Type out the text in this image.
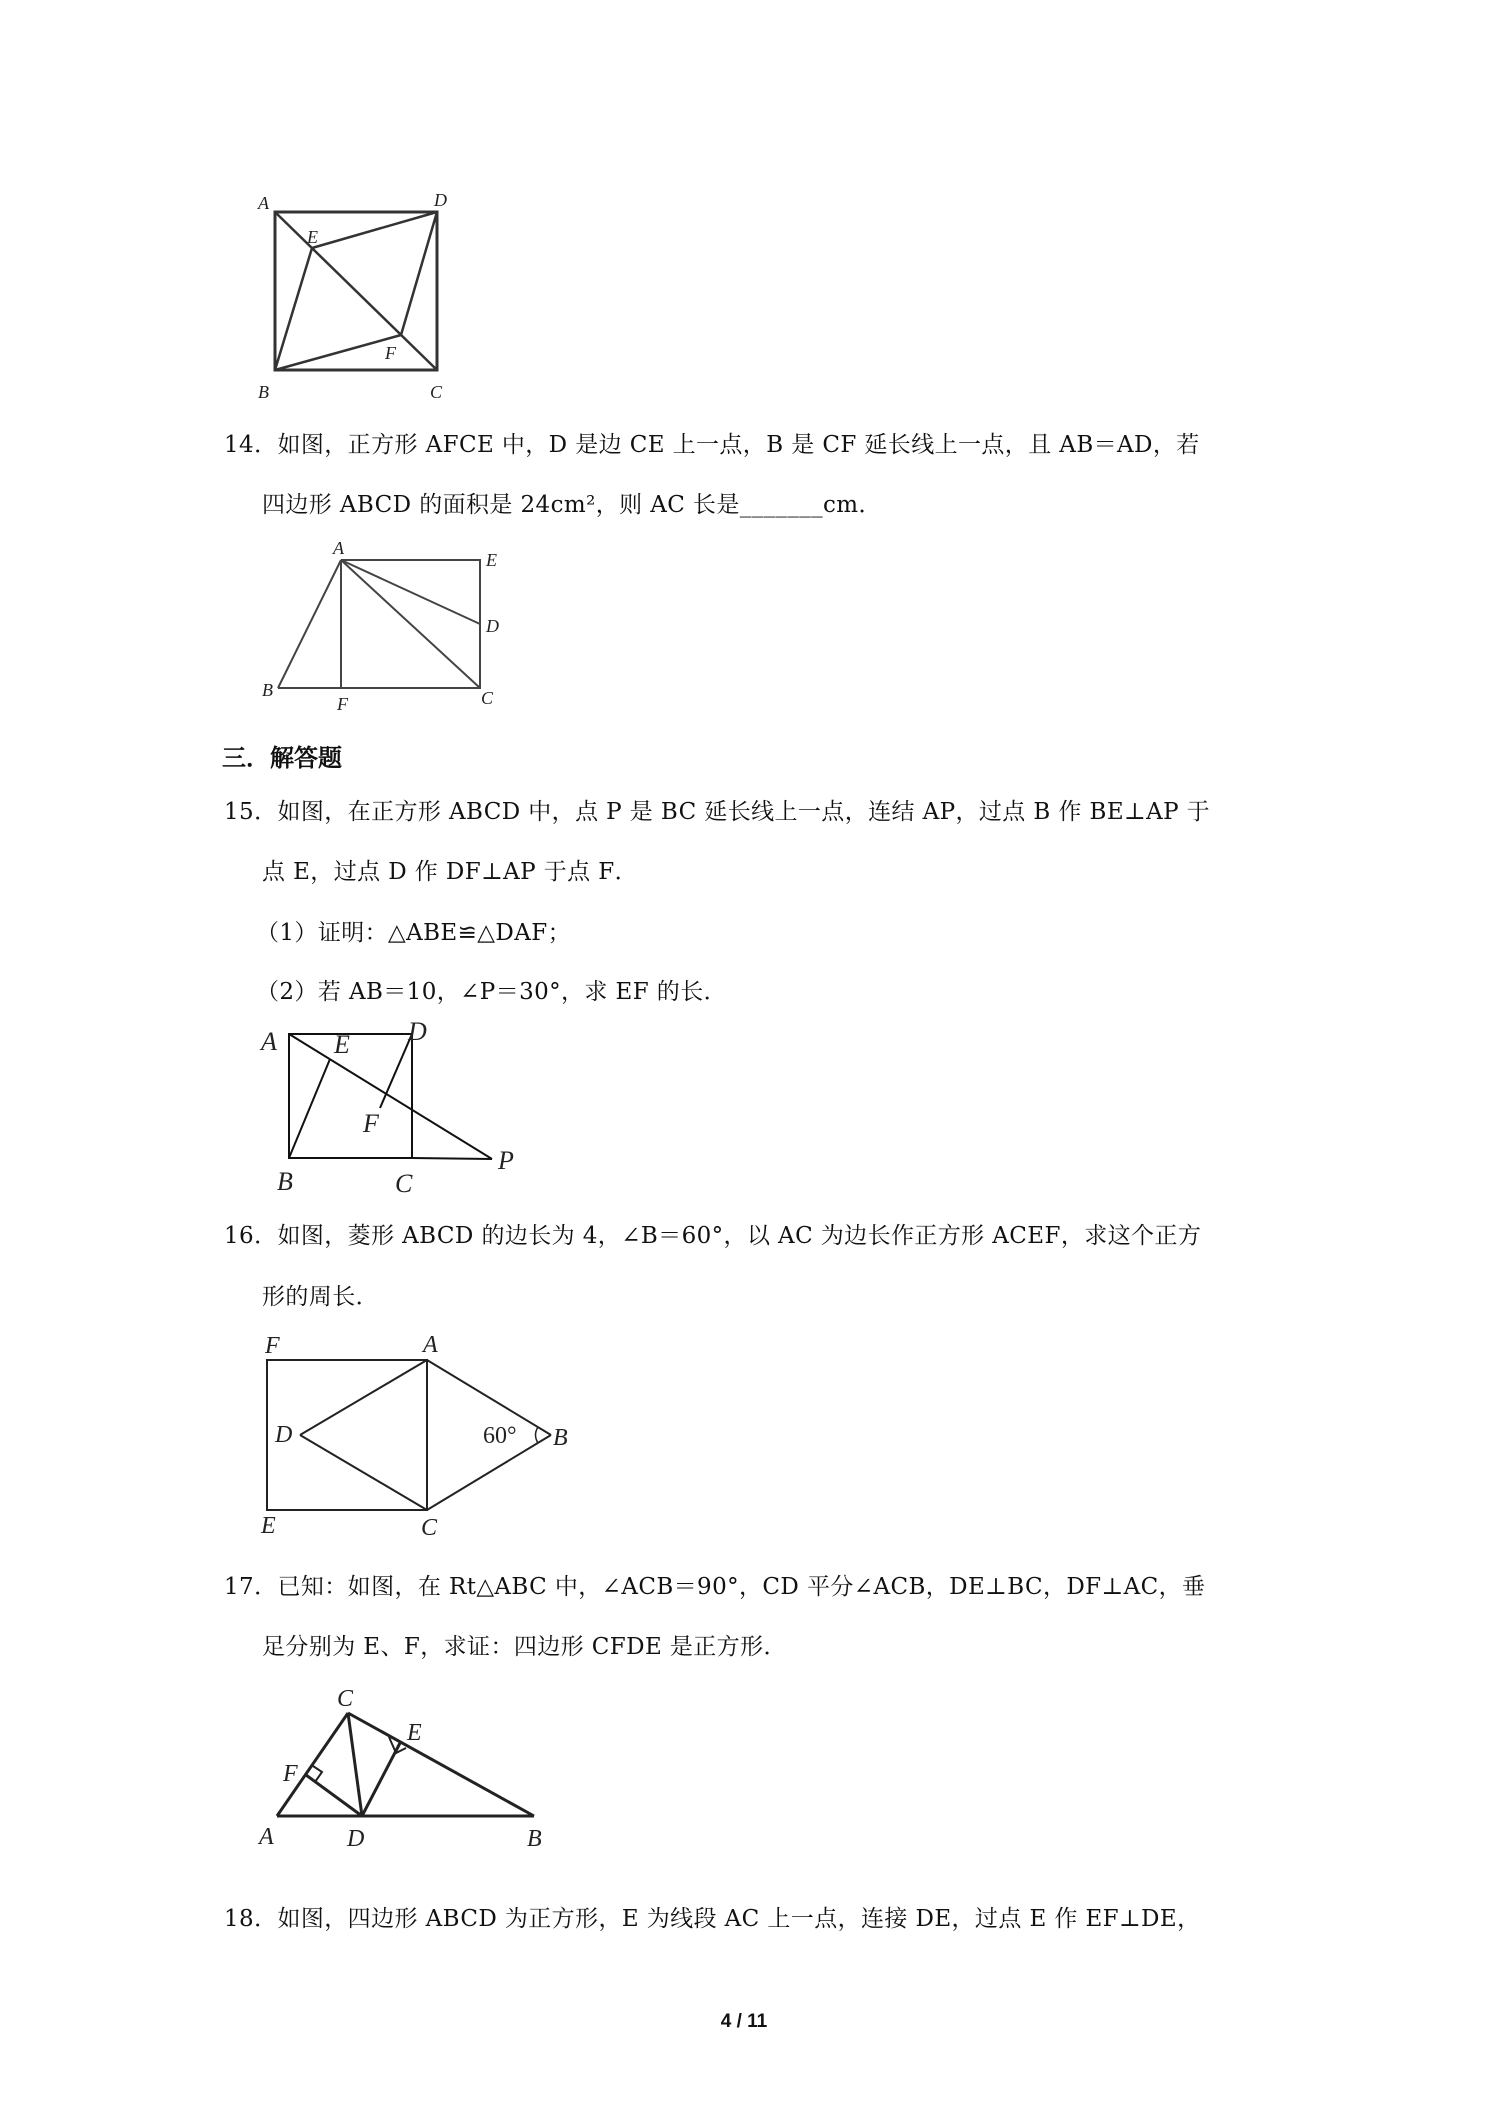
A	D
E
F
B	C
14．如图，正方形 AFCE 中，D 是边 CE 上一点，B 是 CF 延长线上一点，且 AB＝AD，若
四边形 ABCD 的面积是 24cm²，则 AC 长是_______cm．
A
E
D
B
F	C
三．解答题
15．如图，在正方形 ABCD 中，点 P 是 BC 延长线上一点，连结 AP，过点 B 作 BE⊥AP 于
点 E，过点 D 作 DF⊥AP 于点 F．
（1）证明：△ABE≌△DAF；
（2）若 AB＝10，∠P＝30°，求 EF 的长．
A E D
F
B	C
P
16．如图，菱形 ABCD 的边长为 4，∠B＝60°，以 AC 为边长作正方形 ACEF，求这个正方
形的周长．
F	A
D	60° B
E	C
17．已知：如图，在 Rt△ABC 中，∠ACB＝90°，CD 平分∠ACB，DE⊥BC，DF⊥AC，垂
足分别为 E、F，求证：四边形 CFDE 是正方形．
C
E
F
A	D	B
18．如图，四边形 ABCD 为正方形，E 为线段 AC 上一点，连接 DE，过点 E 作 EF⊥DE，
4 / 11
